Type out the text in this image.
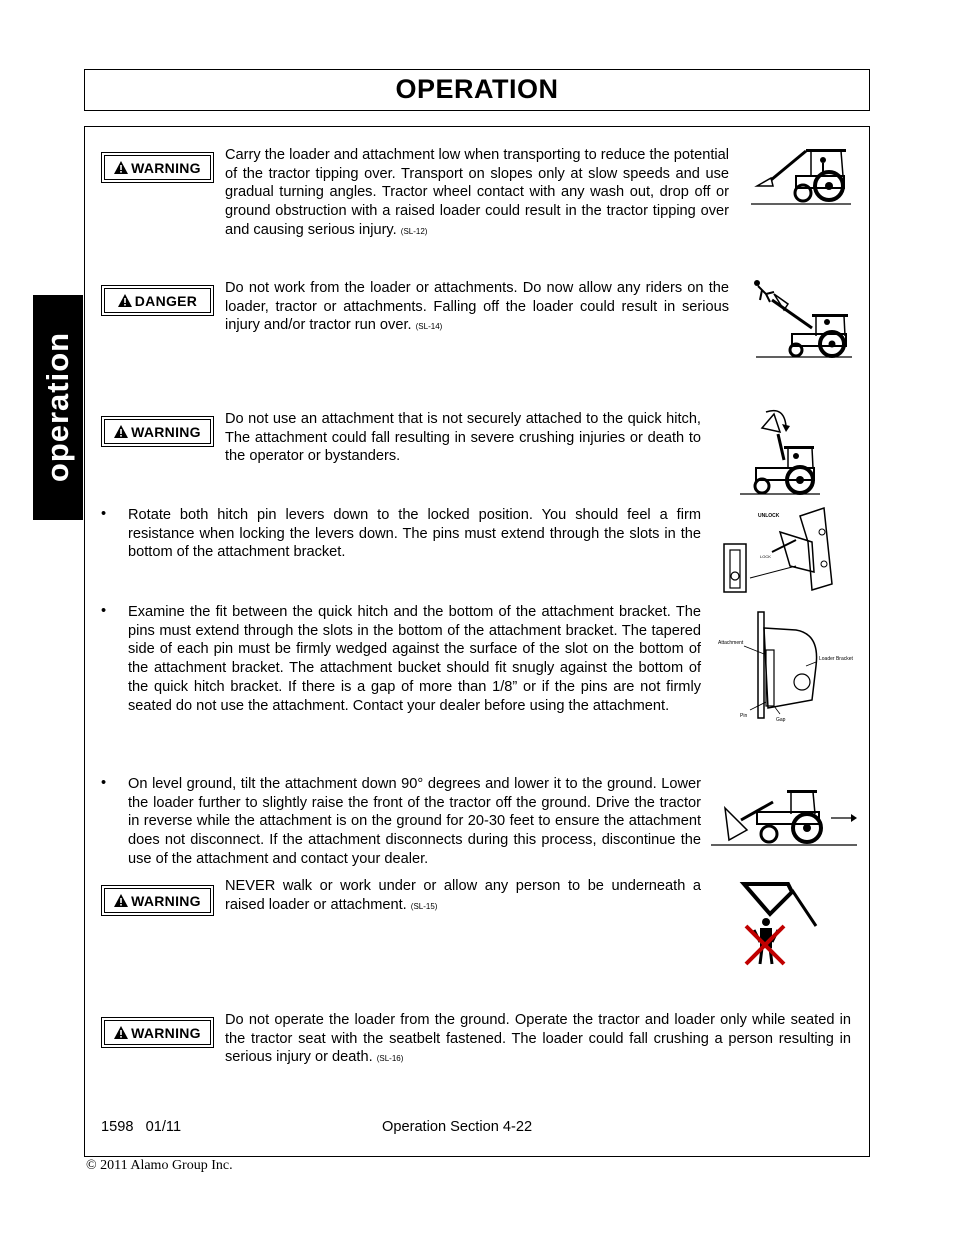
OPERATION
operation
WARNING
Carry the loader and attachment low when transporting to reduce the potential of the tractor tipping over. Transport on slopes only at slow speeds and use gradual turning angles. Tractor wheel contact with any wash out, drop off or ground obstruction with a raised loader could result in the tractor tipping over and causing serious injury. (SL-12)
DANGER
Do not work from the loader or attachments. Do now allow any riders on the loader, tractor or attachments. Falling off the loader could result in serious injury and/or tractor run over. (SL-14)
WARNING
Do not use an attachment that is not securely attached to the quick hitch, The attachment could fall resulting in severe crushing injuries or death to the operator or bystanders.
• Rotate both hitch pin levers down to the locked position. You should feel a firm resistance when locking the levers down. The pins must extend through the slots in the bottom of the attachment bracket.
UNLOCK
LOCK
• Examine the fit between the quick hitch and the bottom of the attachment bracket. The pins must extend through the slots in the bottom of the attachment bracket. The tapered side of each pin must be firmly wedged against the surface of the slot on the bottom of the attachment bracket. The attachment bucket should fit snugly against the bottom of the quick hitch bracket. If there is a gap of more than 1/8” or if the pins are not firmly seated do not use the attachment. Contact your dealer before using the attachment.
Attachment
Loader Bracket
Pin
Gap
• On level ground, tilt the attachment down 90° degrees and lower it to the ground. Lower the loader further to slightly raise the front of the tractor off the ground. Drive the tractor in reverse while the attachment is on the ground for 20-30 feet to ensure the attachment does not disconnect. If the attachment disconnects during this process, discontinue the use of the attachment and contact your dealer.
WARNING
NEVER walk or work under or allow any person to be underneath a raised loader or attachment. (SL-15)
WARNING
Do not operate the loader from the ground. Operate the tractor and loader only while seated in the tractor seat with the seatbelt fastened. The loader could fall crushing a person resulting in serious injury or death. (SL-16)
1598   01/11	Operation Section 4-22
© 2011 Alamo Group Inc.
